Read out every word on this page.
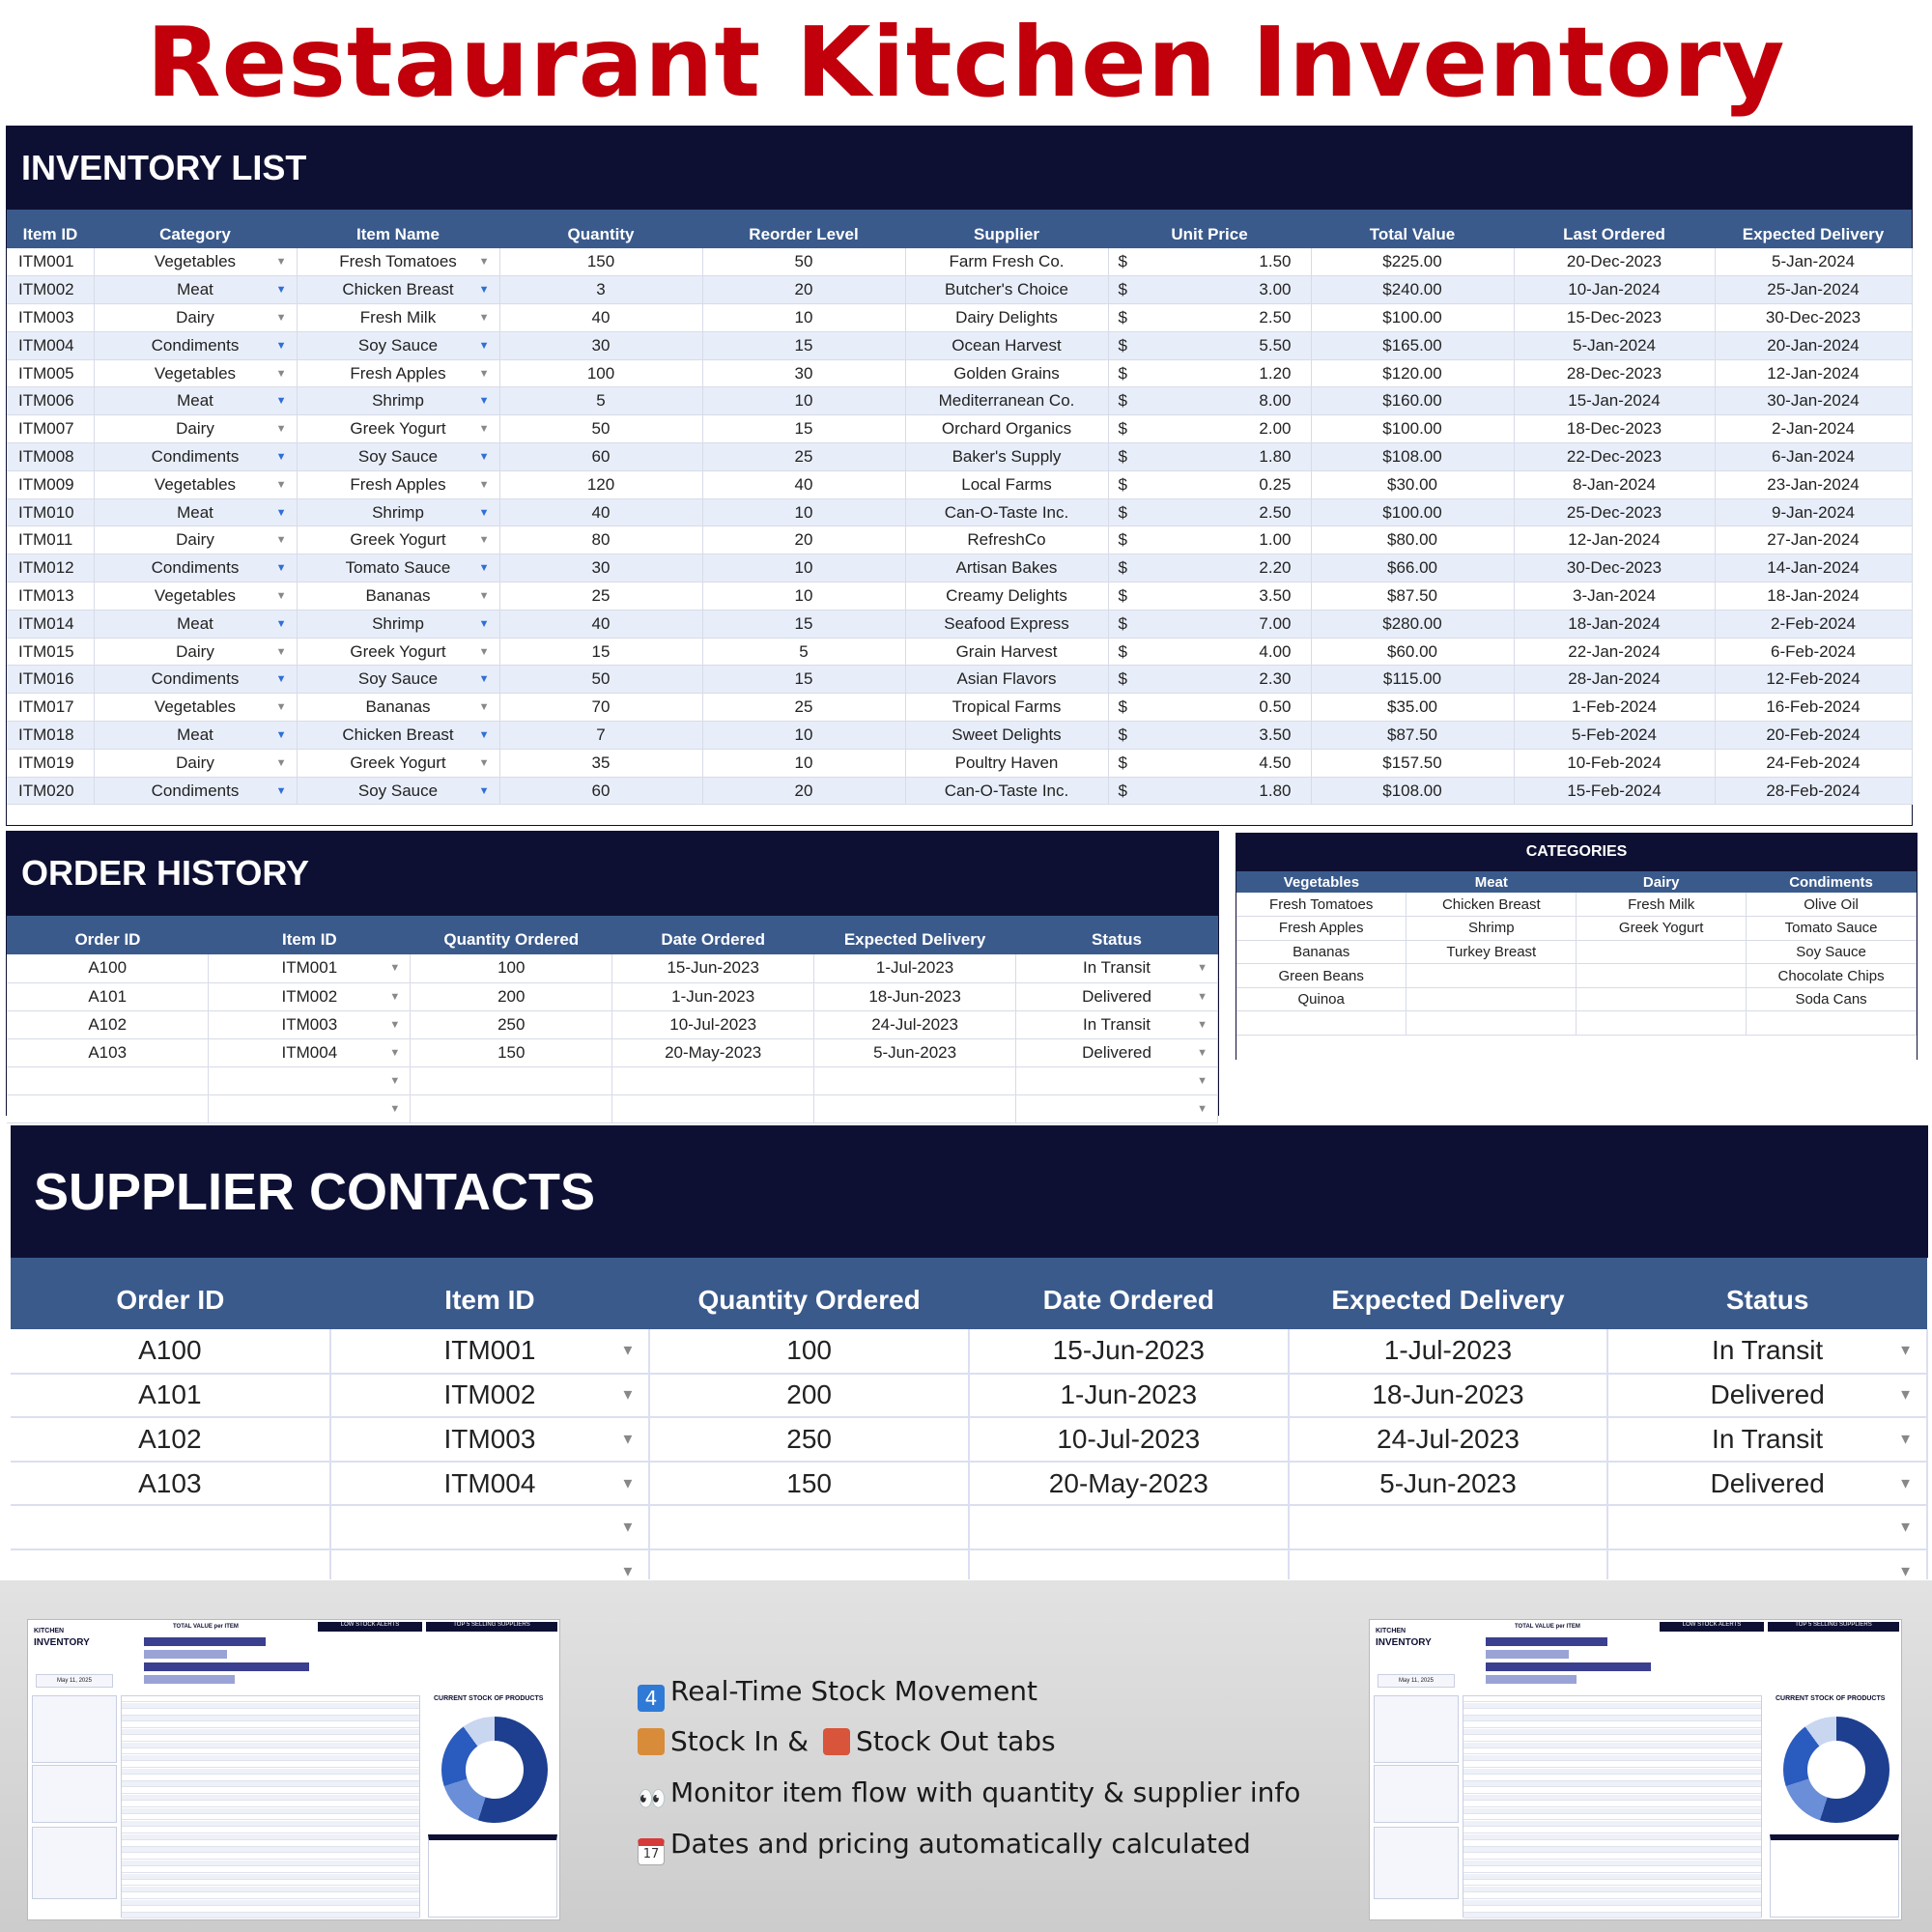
Restaurant Kitchen Inventory
INVENTORY LIST
Item ID	Category	Item Name	Quantity	Reorder Level	Supplier	Unit Price	Total Value	Last Ordered	Expected Delivery
ITM001	Vegetables ▼	Fresh Tomatoes ▼	150	50	Farm Fresh Co.	$ 1.50	$225.00	20-Dec-2023	5-Jan-2024
ITM002	Meat ▼	Chicken Breast ▼	3	20	Butcher's Choice	$ 3.00	$240.00	10-Jan-2024	25-Jan-2024
ITM003	Dairy ▼	Fresh Milk ▼	40	10	Dairy Delights	$ 2.50	$100.00	15-Dec-2023	30-Dec-2023
ITM004	Condiments ▼	Soy Sauce ▼	30	15	Ocean Harvest	$ 5.50	$165.00	5-Jan-2024	20-Jan-2024
ITM005	Vegetables ▼	Fresh Apples ▼	100	30	Golden Grains	$ 1.20	$120.00	28-Dec-2023	12-Jan-2024
ITM006	Meat ▼	Shrimp ▼	5	10	Mediterranean Co.	$ 8.00	$160.00	15-Jan-2024	30-Jan-2024
ITM007	Dairy ▼	Greek Yogurt ▼	50	15	Orchard Organics	$ 2.00	$100.00	18-Dec-2023	2-Jan-2024
ITM008	Condiments ▼	Soy Sauce ▼	60	25	Baker's Supply	$ 1.80	$108.00	22-Dec-2023	6-Jan-2024
ITM009	Vegetables ▼	Fresh Apples ▼	120	40	Local Farms	$ 0.25	$30.00	8-Jan-2024	23-Jan-2024
ITM010	Meat ▼	Shrimp ▼	40	10	Can-O-Taste Inc.	$ 2.50	$100.00	25-Dec-2023	9-Jan-2024
ITM011	Dairy ▼	Greek Yogurt ▼	80	20	RefreshCo	$ 1.00	$80.00	12-Jan-2024	27-Jan-2024
ITM012	Condiments ▼	Tomato Sauce ▼	30	10	Artisan Bakes	$ 2.20	$66.00	30-Dec-2023	14-Jan-2024
ITM013	Vegetables ▼	Bananas ▼	25	10	Creamy Delights	$ 3.50	$87.50	3-Jan-2024	18-Jan-2024
ITM014	Meat ▼	Shrimp ▼	40	15	Seafood Express	$ 7.00	$280.00	18-Jan-2024	2-Feb-2024
ITM015	Dairy ▼	Greek Yogurt ▼	15	5	Grain Harvest	$ 4.00	$60.00	22-Jan-2024	6-Feb-2024
ITM016	Condiments ▼	Soy Sauce ▼	50	15	Asian Flavors	$ 2.30	$115.00	28-Jan-2024	12-Feb-2024
ITM017	Vegetables ▼	Bananas ▼	70	25	Tropical Farms	$ 0.50	$35.00	1-Feb-2024	16-Feb-2024
ITM018	Meat ▼	Chicken Breast ▼	7	10	Sweet Delights	$ 3.50	$87.50	5-Feb-2024	20-Feb-2024
ITM019	Dairy ▼	Greek Yogurt ▼	35	10	Poultry Haven	$ 4.50	$157.50	10-Feb-2024	24-Feb-2024
ITM020	Condiments ▼	Soy Sauce ▼	60	20	Can-O-Taste Inc.	$ 1.80	$108.00	15-Feb-2024	28-Feb-2024
ORDER HISTORY
Order ID	Item ID	Quantity Ordered	Date Ordered	Expected Delivery	Status
A100	ITM001 ▼	100	15-Jun-2023	1-Jul-2023	In Transit ▼

A101	ITM002 ▼	200	1-Jun-2023	18-Jun-2023	Delivered ▼

A102	ITM003 ▼	250	10-Jul-2023	24-Jul-2023	In Transit ▼

A103	ITM004 ▼	150	20-May-2023	5-Jun-2023	Delivered ▼

	▼				▼

	▼				▼
CATEGORIES
Vegetables	Meat	Dairy	Condiments
Fresh Tomatoes	Chicken Breast	Fresh Milk	Olive Oil
Fresh Apples	Shrimp	Greek Yogurt	Tomato Sauce
Bananas	Turkey Breast		Soy Sauce
Green Beans			Chocolate Chips
Quinoa			Soda Cans

SUPPLIER CONTACTS
Order ID	Item ID	Quantity Ordered	Date Ordered	Expected Delivery	Status
A100	ITM001 ▼	100	15-Jun-2023	1-Jul-2023	In Transit ▼

A101	ITM002 ▼	200	1-Jun-2023	18-Jun-2023	Delivered ▼

A102	ITM003 ▼	250	10-Jul-2023	24-Jul-2023	In Transit ▼

A103	ITM004 ▼	150	20-May-2023	5-Jun-2023	Delivered ▼

	▼				▼

	▼				▼
KITCHEN
INVENTORY
May 11, 2025
TOTAL VALUE per ITEM	LOW STOCK ALERTS	TOP 5 SELLING SUPPLIERS
CURRENT STOCK OF PRODUCTS	4 Real-Time Stock Movement
Stock In & Stock Out tabs
👀 Monitor item flow with quantity & supplier info
17 Dates and pricing automatically calculated
KITCHEN
INVENTORY
May 11, 2025
TOTAL VALUE per ITEM	LOW STOCK ALERTS	TOP 5 SELLING SUPPLIERS
CURRENT STOCK OF PRODUCTS
